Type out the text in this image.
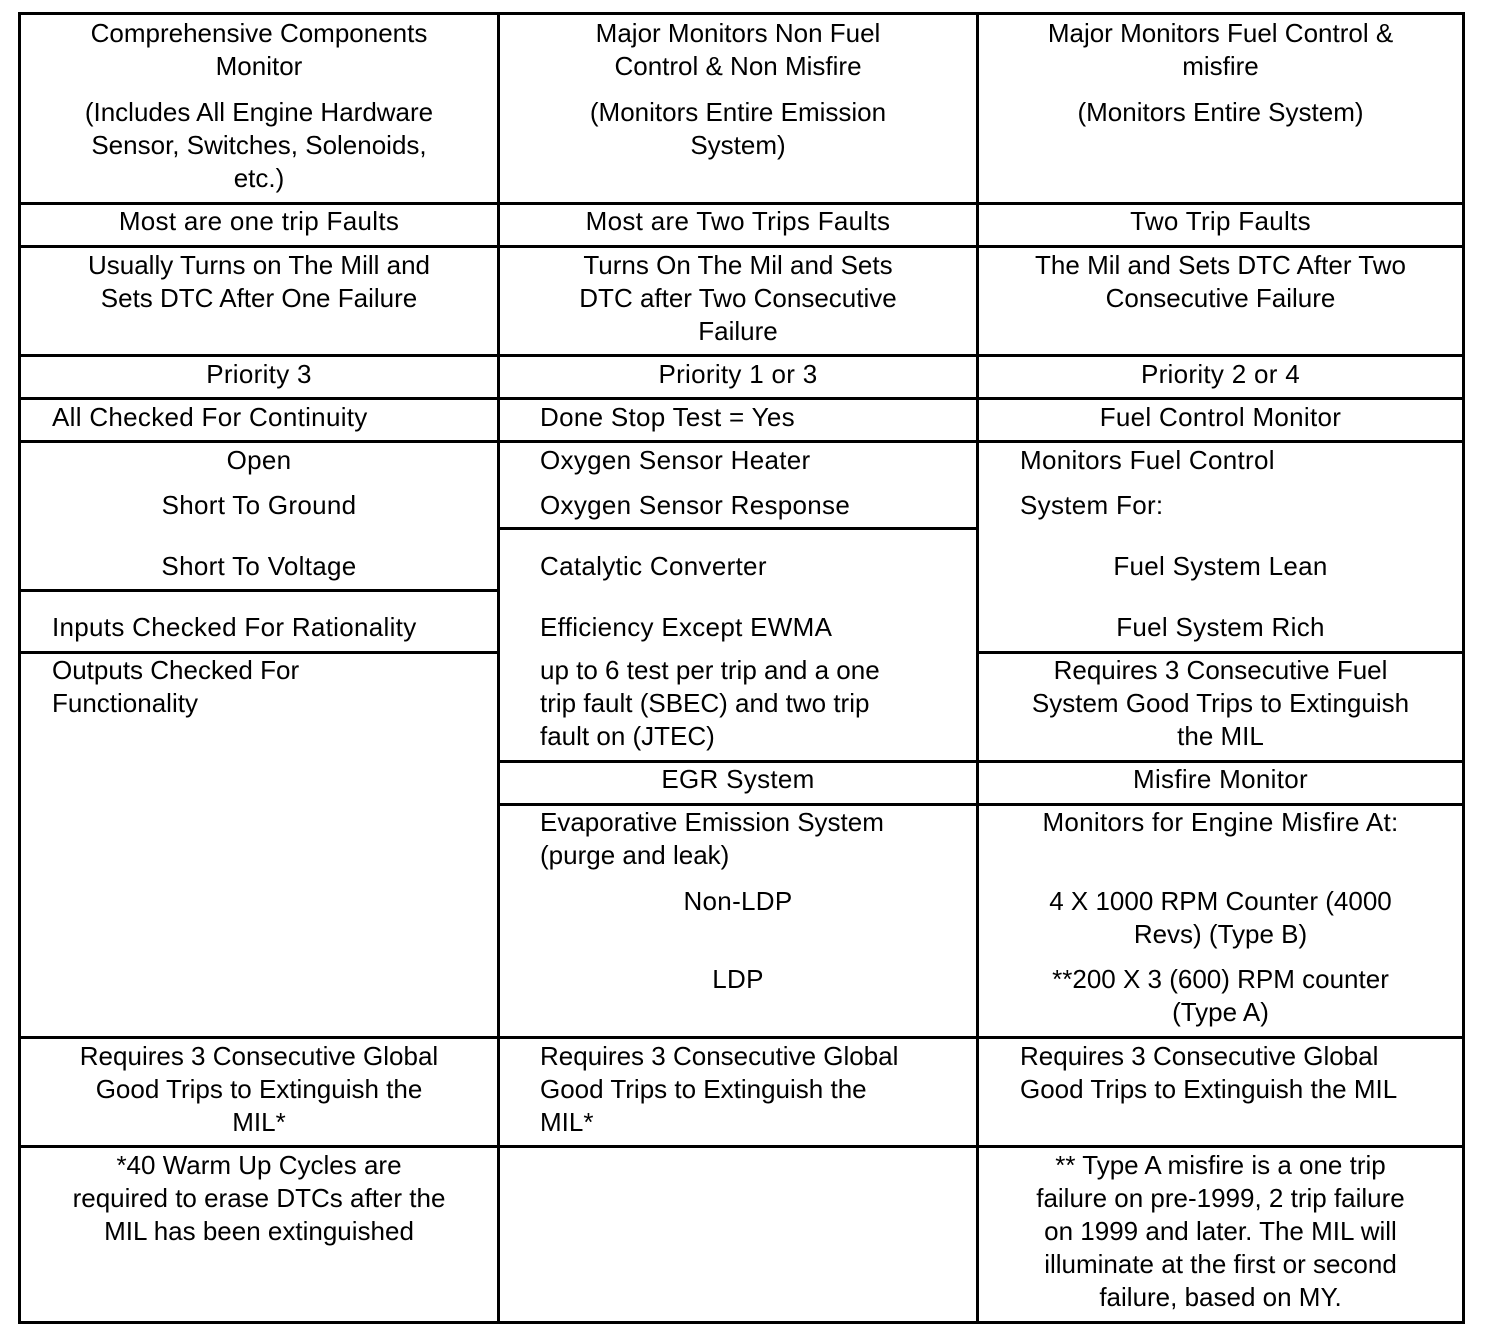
Comprehensive Components
Monitor
(Includes All Engine Hardware
Sensor, Switches, Solenoids,
etc.)
Most are one trip Faults
Usually Turns on The Mill and
Sets DTC After One Failure
Priority 3
All Checked For Continuity
Open
Short To Ground
Short To Voltage
Inputs Checked For Rationality
Outputs Checked For
Functionality
Requires 3 Consecutive Global
Good Trips to Extinguish the
MIL*
*40 Warm Up Cycles are
required to erase DTCs after the
MIL has been extinguished
Major Monitors Non Fuel
Control & Non Misfire
(Monitors Entire Emission
System)
Most are Two Trips Faults
Turns On The Mil and Sets
DTC after Two Consecutive
Failure
Priority 1 or 3
Done Stop Test = Yes
Oxygen Sensor Heater
Oxygen Sensor Response
Catalytic Converter
Efficiency Except EWMA
up to 6 test per trip and a one
trip fault (SBEC) and two trip
fault on (JTEC)
EGR System
Evaporative Emission System
(purge and leak)
Non-LDP
LDP
Requires 3 Consecutive Global
Good Trips to Extinguish the
MIL*
Major Monitors Fuel Control &
misfire
(Monitors Entire System)
Two Trip Faults
The Mil and Sets DTC After Two
Consecutive Failure
Priority 2 or 4
Fuel Control Monitor
Monitors Fuel Control
System For:
Fuel System Lean
Fuel System Rich
Requires 3 Consecutive Fuel
System Good Trips to Extinguish
the MIL
Misfire Monitor
Monitors for Engine Misfire At:
4 X 1000 RPM Counter (4000
Revs) (Type B)
**200 X 3 (600) RPM counter
(Type A)
Requires 3 Consecutive Global
Good Trips to Extinguish the MIL
** Type A misfire is a one trip
failure on pre-1999, 2 trip failure
on 1999 and later. The MIL will
illuminate at the first or second
failure, based on MY.
